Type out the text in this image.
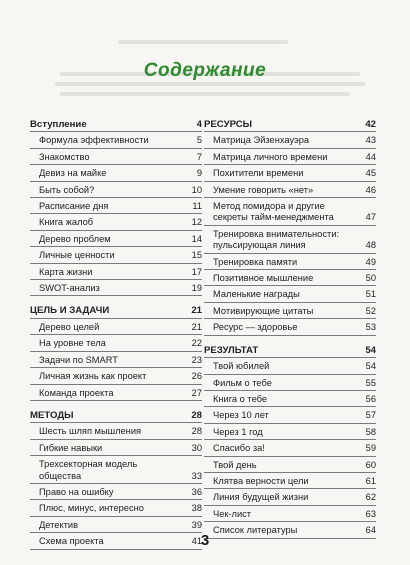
Содержание
Вступление	4
Формула эффективности	5
Знакомство	7
Девиз на майке	9
Быть собой?	10
Расписание дня	11
Книга жалоб	12
Дерево проблем	14
Личные ценности	15
Карта жизни	17
SWOT-анализ	19
ЦЕЛЬ И ЗАДАЧИ	21
Дерево целей	21
На уровне тела	22
Задачи по SMART	23
Личная жизнь как проект	26
Команда проекта	27
МЕТОДЫ	28
Шесть шляп мышления	28
Гибкие навыки	30
Трехсекторная модель общества	33
Право на ошибку	36
Плюс, минус, интересно	38
Детектив	39
Схема проекта	41
РЕСУРСЫ	42
Матрица Эйзенхауэра	43
Матрица личного времени	44
Похитители времени	45
Умение говорить «нет»	46
Метод помидора и другие секреты тайм-менеджмента	47
Тренировка внимательности: пульсирующая линия	48
Тренировка памяти	49
Позитивное мышление	50
Маленькие награды	51
Мотивирующие цитаты	52
Ресурс — здоровье	53
РЕЗУЛЬТАТ	54
Твой юбилей	54
Фильм о тебе	55
Книга о тебе	56
Через 10 лет	57
Через 1 год	58
Спасибо за!	59
Твой день	60
Клятва верности цели	61
Линия будущей жизни	62
Чек-лист	63
Список литературы	64
3
